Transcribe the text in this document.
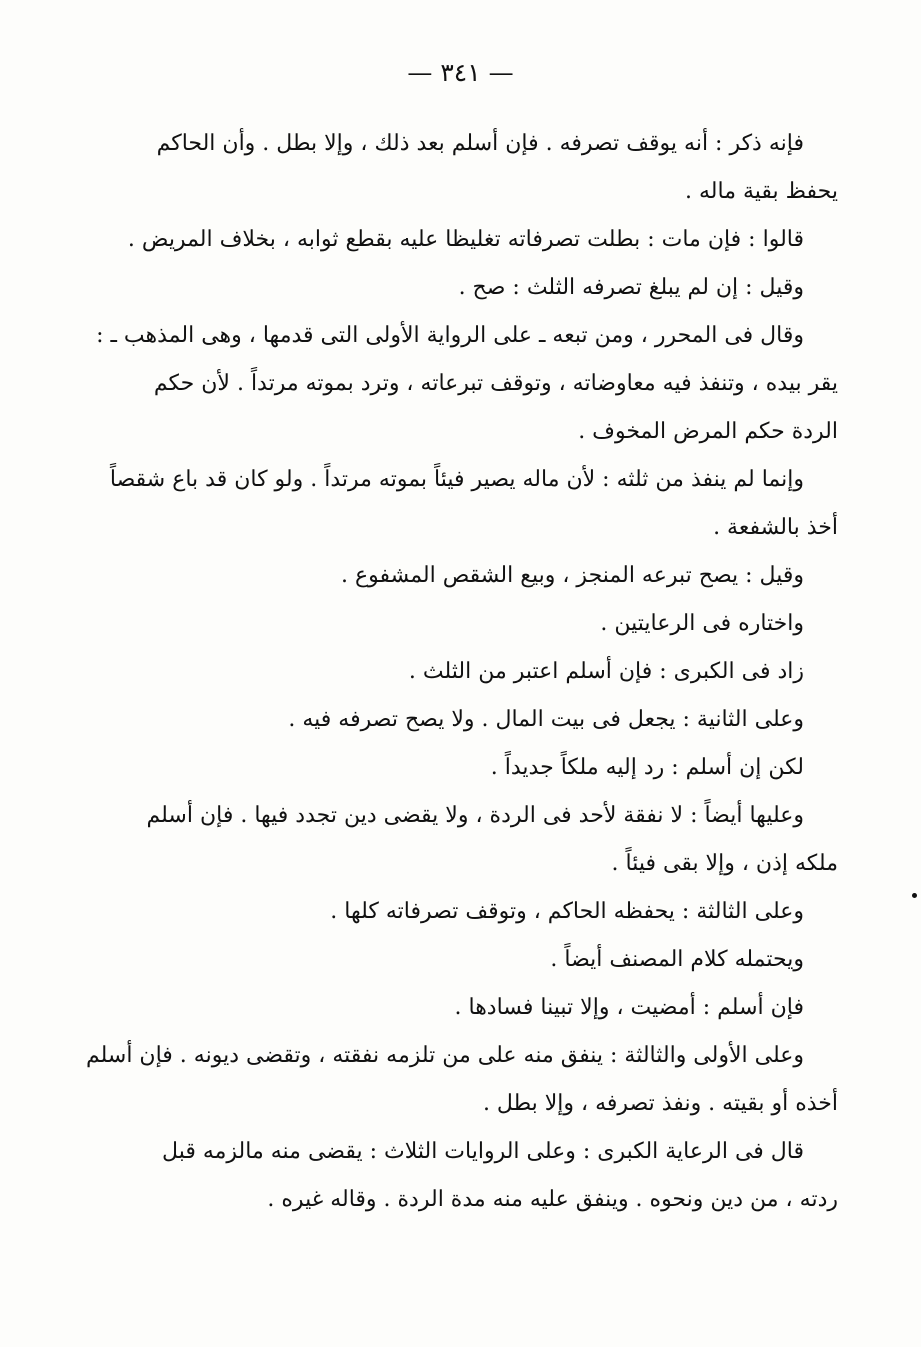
— ٣٤١ —
فإنه ذكر : أنه يوقف تصرفه . فإن أسلم بعد ذلك ، وإلا بطل . وأن الحاكم
يحفظ بقية ماله .
قالوا : فإن مات : بطلت تصرفاته تغليظا عليه بقطع ثوابه ، بخلاف المريض .
وقيل : إن لم يبلغ تصرفه الثلث : صح .
وقال فى المحرر ، ومن تبعه ـ على الرواية الأولى التى قدمها ، وهى المذهب ـ :
يقر بيده ، وتنفذ فيه معاوضاته ، وتوقف تبرعاته ، وترد بموته مرتداً . لأن حكم
الردة حكم المرض المخوف .
وإنما لم ينفذ من ثلثه : لأن ماله يصير فيئاً بموته مرتداً . ولو كان قد باع شقصاً
أخذ بالشفعة .
وقيل : يصح تبرعه المنجز ، وبيع الشقص المشفوع .
واختاره فى الرعايتين .
زاد فى الكبرى : فإن أسلم اعتبر من الثلث .
وعلى الثانية : يجعل فى بيت المال . ولا يصح تصرفه فيه .
لكن إن أسلم : رد إليه ملكاً جديداً .
وعليها أيضاً : لا نفقة لأحد فى الردة ، ولا يقضى دين تجدد فيها . فإن أسلم
ملكه إذن ، وإلا بقى فيئاً .
وعلى الثالثة : يحفظه الحاكم ، وتوقف تصرفاته كلها .
ويحتمله كلام المصنف أيضاً .
فإن أسلم : أمضيت ، وإلا تبينا فسادها .
وعلى الأولى والثالثة : ينفق منه على من تلزمه نفقته ، وتقضى ديونه . فإن أسلم
أخذه أو بقيته . ونفذ تصرفه ، وإلا بطل .
قال فى الرعاية الكبرى : وعلى الروايات الثلاث : يقضى منه مالزمه قبل
ردته ، من دين ونحوه . وينفق عليه منه مدة الردة . وقاله غيره .
